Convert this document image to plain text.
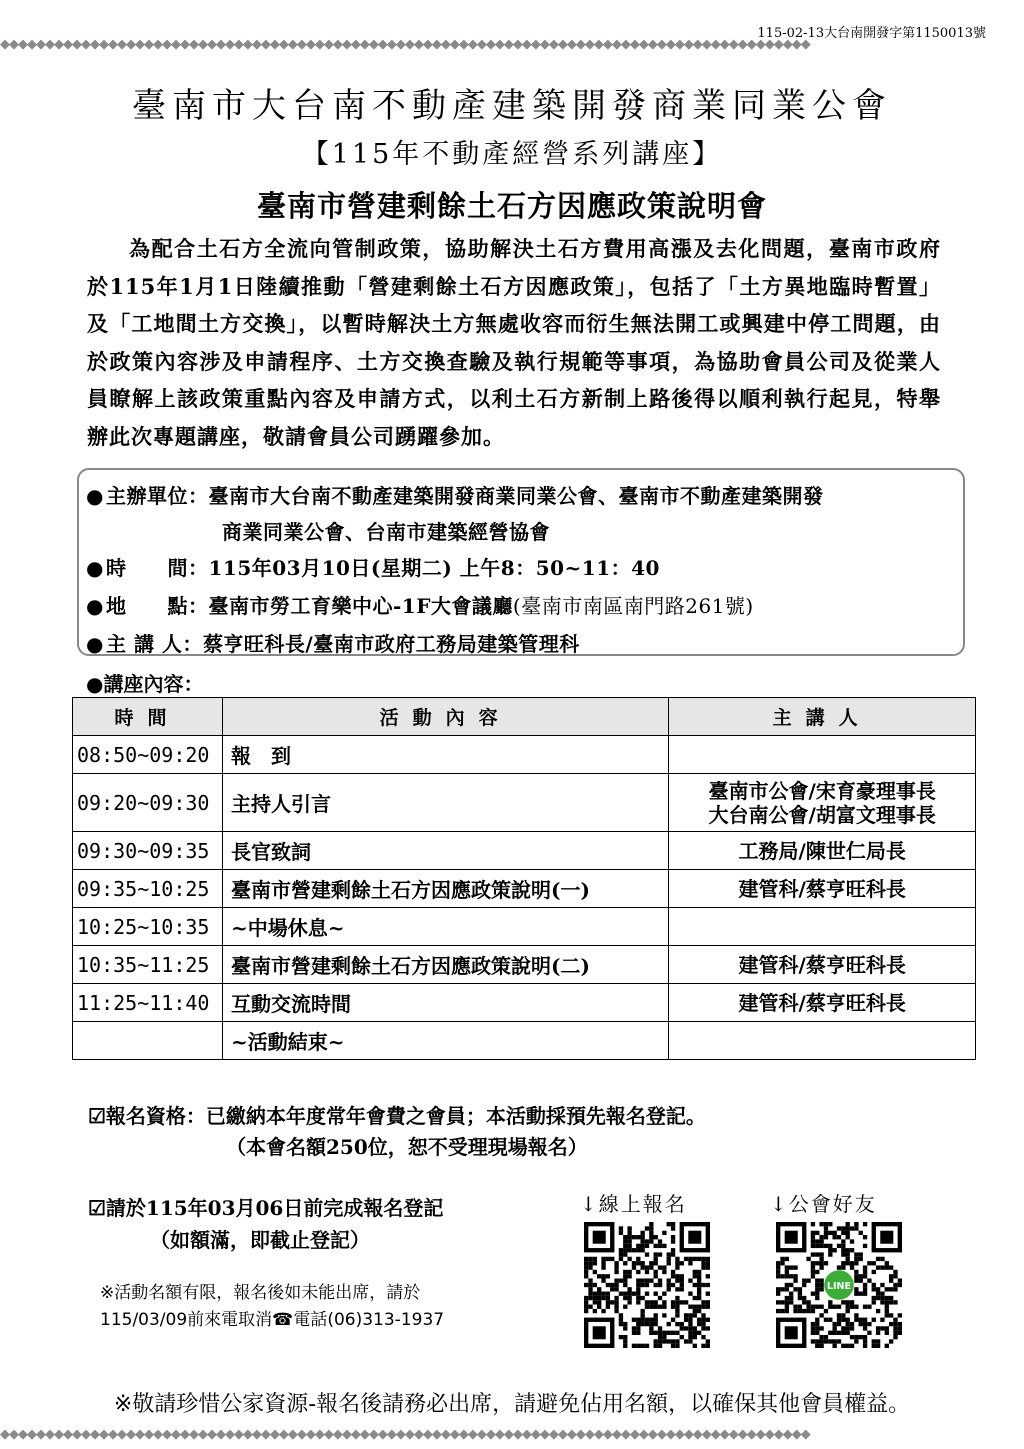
115-02-13大台南開發字第1150013號
◆◆◆◆◆◆◆◆◆◆◆◆◆◆◆◆◆◆◆◆◆◆◆◆◆◆◆◆◆◆◆◆◆◆◆◆◆◆◆◆◆◆◆◆◆◆◆◆◆◆◆◆◆◆◆◆◆◆◆◆◆◆◆◆◆◆◆◆◆◆◆◆◆◆◆◆◆◆◆◆◆◆◆◆◆◆◆◆◆◆
臺南市大台南不動產建築開發商業同業公會
【115年不動產經營系列講座】
臺南市營建剩餘土石方因應政策說明會
為配合土石方全流向管制政策，協助解決土石方費用高漲及去化問題，臺南市政府於115年1月1日陸續推動「營建剩餘土石方因應政策」，包括了「土方異地臨時暫置」及「工地間土方交換」，以暫時解決土方無處收容而衍生無法開工或興建中停工問題，由於政策內容涉及申請程序、土方交換查驗及執行規範等事項，為協助會員公司及從業人員瞭解上該政策重點內容及申請方式，以利土石方新制上路後得以順利執行起見，特舉辦此次專題講座，敬請會員公司踴躍參加。
● 主辦單位：臺南市大台南不動產建築開發商業同業公會、臺南市不動產建築開發
商業同業公會、台南市建築經營協會
● 時　　間：115年03月10日(星期二) 上午8：50~11：40
● 地　　點：臺南市勞工育樂中心-1F大會議廳(臺南市南區南門路261號)
● 主 講 人：蔡亨旺科長/臺南市政府工務局建築管理科
●講座內容：
時間	活動內容	主講人
08:50~09:20	報　到	
09:20~09:30	主持人引言	臺南市公會/宋育豪理事長
大台南公會/胡富文理事長

09:30~09:35	長官致詞	工務局/陳世仁局長
09:35~10:25	臺南市營建剩餘土石方因應政策說明(一)	建管科/蔡亨旺科長
10:25~10:35	~中場休息~	
10:35~11:25	臺南市營建剩餘土石方因應政策說明(二)	建管科/蔡亨旺科長
11:25~11:40	互動交流時間	建管科/蔡亨旺科長
	~活動結束~	
☑報名資格：已繳納本年度常年會費之會員；本活動採預先報名登記。
（本會名額250位，恕不受理現場報名）
☑請於115年03月06日前完成報名登記
（如額滿，即截止登記）
※活動名額有限，報名後如未能出席，請於
115/03/09前來電取消☎電話(06)313-1937
↓線上報名	↓公會好友
LINE
※敬請珍惜公家資源-報名後請務必出席，請避免佔用名額，以確保其他會員權益。
◆◆◆◆◆◆◆◆◆◆◆◆◆◆◆◆◆◆◆◆◆◆◆◆◆◆◆◆◆◆◆◆◆◆◆◆◆◆◆◆◆◆◆◆◆◆◆◆◆◆◆◆◆◆◆◆◆◆◆◆◆◆◆◆◆◆◆◆◆◆◆◆◆◆◆◆◆◆◆◆◆◆◆◆◆◆◆◆◆◆
